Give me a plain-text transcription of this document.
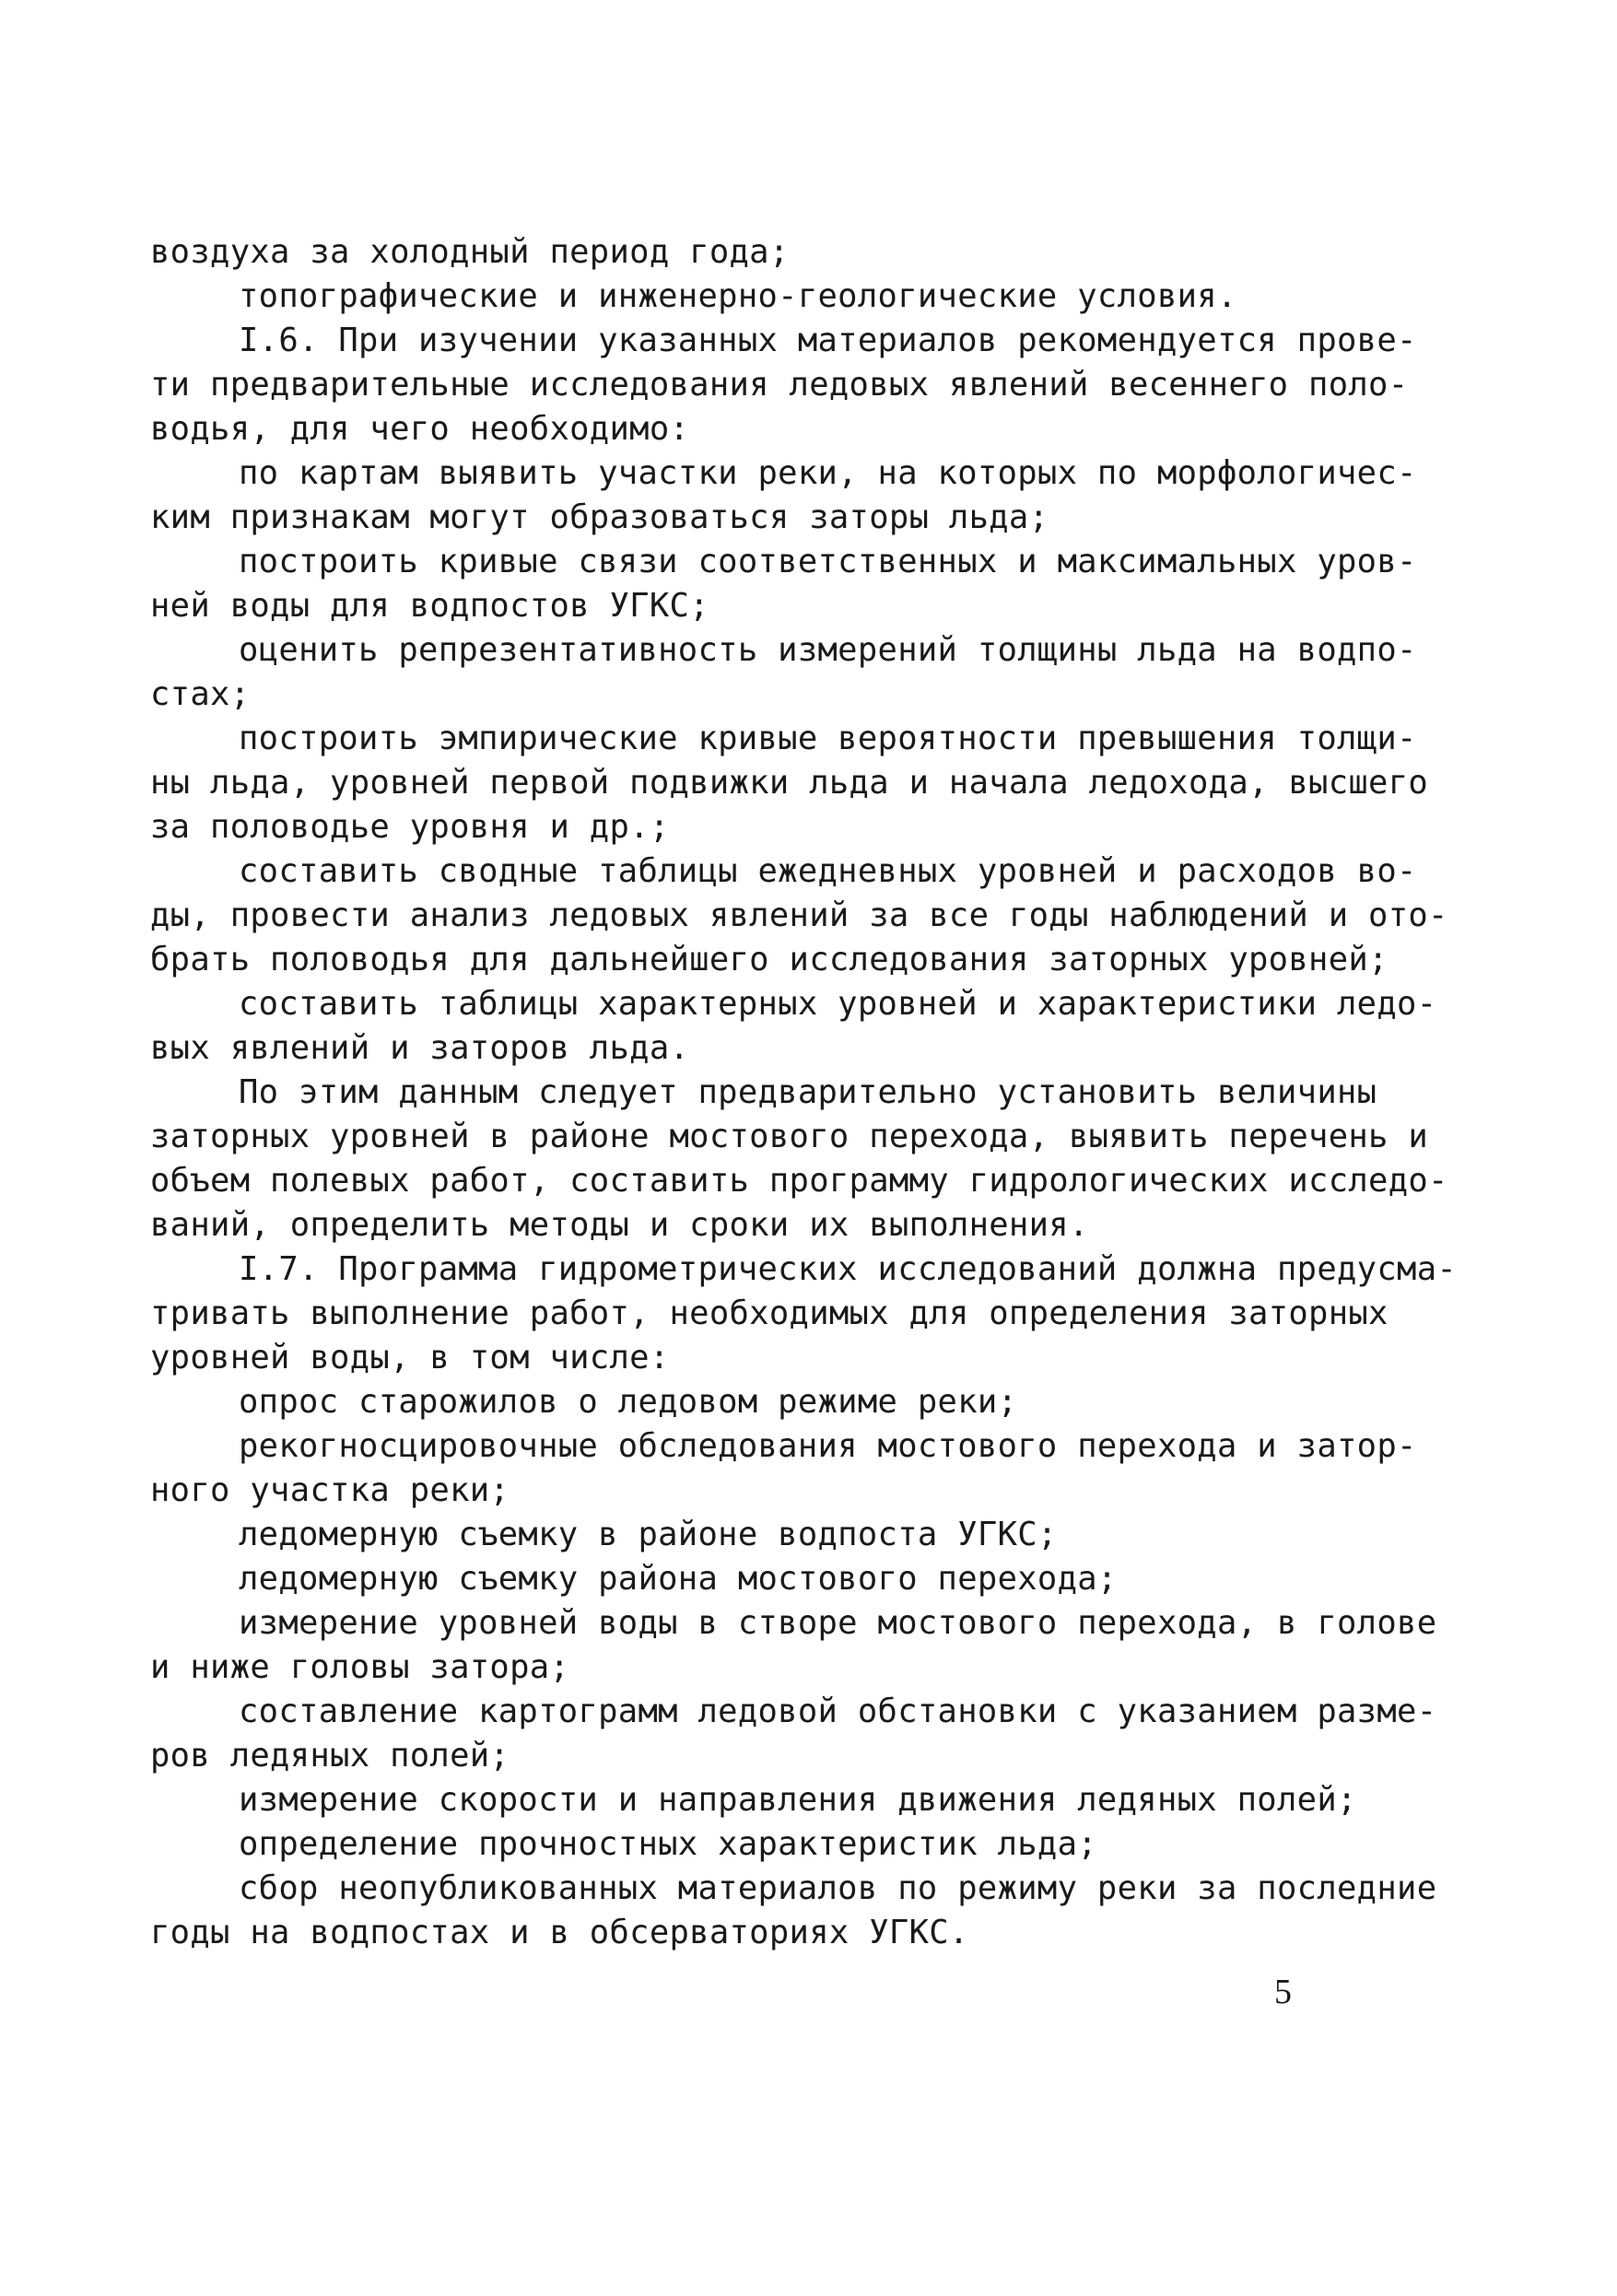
воздуха за холодный период года;
топографические и инженерно-геологические условия.
I.6. При изучении указанных материалов рекомендуется прове-
ти предварительные исследования ледовых явлений весеннего поло-
водья, для чего необходимо:
по картам выявить участки реки, на которых по морфологичес-
ким признакам могут образоваться заторы льда;
построить кривые связи соответственных и максимальных уров-
ней воды для водпостов УГКС;
оценить репрезентативность измерений толщины льда на водпо-
стах;
построить эмпирические кривые вероятности превышения толщи-
ны льда, уровней первой подвижки льда и начала ледохода, высшего
за половодье уровня и др.;
составить сводные таблицы ежедневных уровней и расходов во-
ды, провести анализ ледовых явлений за все годы наблюдений и ото-
брать половодья для дальнейшего исследования заторных уровней;
составить таблицы характерных уровней и характеристики ледо-
вых явлений и заторов льда.
По этим данным следует предварительно установить величины
заторных уровней в районе мостового перехода, выявить перечень и
объем полевых работ, составить программу гидрологических исследо-
ваний, определить методы и сроки их выполнения.
I.7. Программа гидрометрических исследований должна предусма-
тривать выполнение работ, необходимых для определения заторных
уровней воды, в том числе:
опрос старожилов о ледовом режиме реки;
рекогносцировочные обследования мостового перехода и затор-
ного участка реки;
ледомерную съемку в районе водпоста УГКС;
ледомерную съемку района мостового перехода;
измерение уровней воды в створе мостового перехода, в голове
и ниже головы затора;
составление картограмм ледовой обстановки с указанием разме-
ров ледяных полей;
измерение скорости и направления движения ледяных полей;
определение прочностных характеристик льда;
сбор неопубликованных материалов по режиму реки за последние
годы на водпостах и в обсерваториях УГКС.
5
